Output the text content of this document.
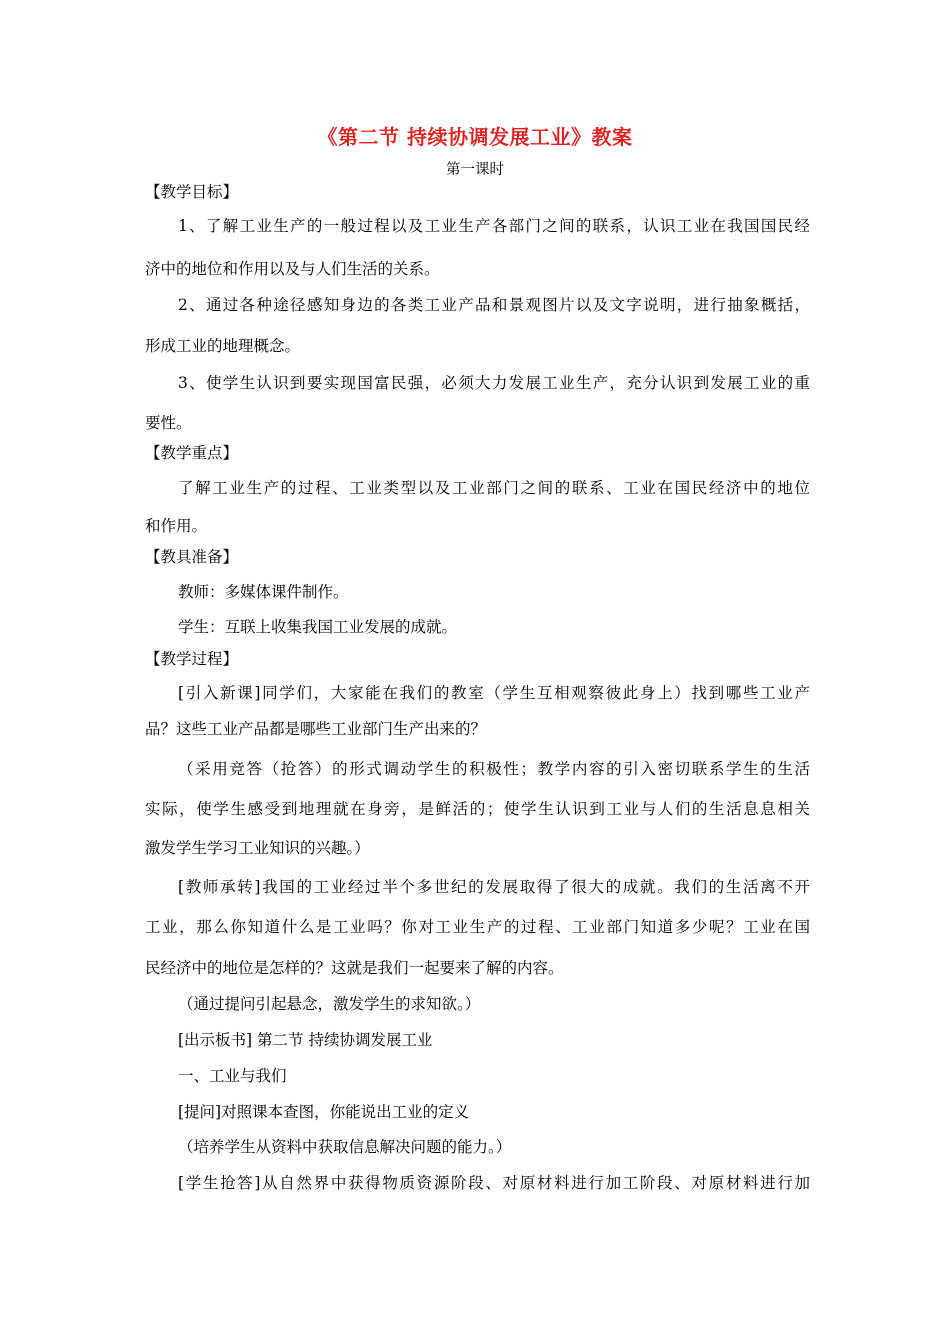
《第二节 持续协调发展工业》教案
第一课时
【教学目标】
1、了解工业生产的一般过程以及工业生产各部门之间的联系，认识工业在我国国民经
济中的地位和作用以及与人们生活的关系。
2、通过各种途径感知身边的各类工业产品和景观图片以及文字说明，进行抽象概括，
形成工业的地理概念。
3、使学生认识到要实现国富民强，必须大力发展工业生产，充分认识到发展工业的重
要性。
【教学重点】
了解工业生产的过程、工业类型以及工业部门之间的联系、工业在国民经济中的地位
和作用。
【教具准备】
教师：多媒体课件制作。
学生：互联上收集我国工业发展的成就。
【教学过程】
[引入新课]同学们，大家能在我们的教室（学生互相观察彼此身上）找到哪些工业产
品？这些工业产品都是哪些工业部门生产出来的？
（采用竞答（抢答）的形式调动学生的积极性；教学内容的引入密切联系学生的生活
实际，使学生感受到地理就在身旁，是鲜活的；使学生认识到工业与人们的生活息息相关
激发学生学习工业知识的兴趣。）
[教师承转]我国的工业经过半个多世纪的发展取得了很大的成就。我们的生活离不开
工业，那么你知道什么是工业吗？你对工业生产的过程、工业部门知道多少呢？工业在国
民经济中的地位是怎样的？这就是我们一起要来了解的内容。
（通过提问引起悬念，激发学生的求知欲。）
[出示板书] 第二节 持续协调发展工业
一、工业与我们
[提问]对照课本查图，你能说出工业的定义
（培养学生从资料中获取信息解决问题的能力。）
[学生抢答]从自然界中获得物质资源阶段、对原材料进行加工阶段、对原材料进行加
